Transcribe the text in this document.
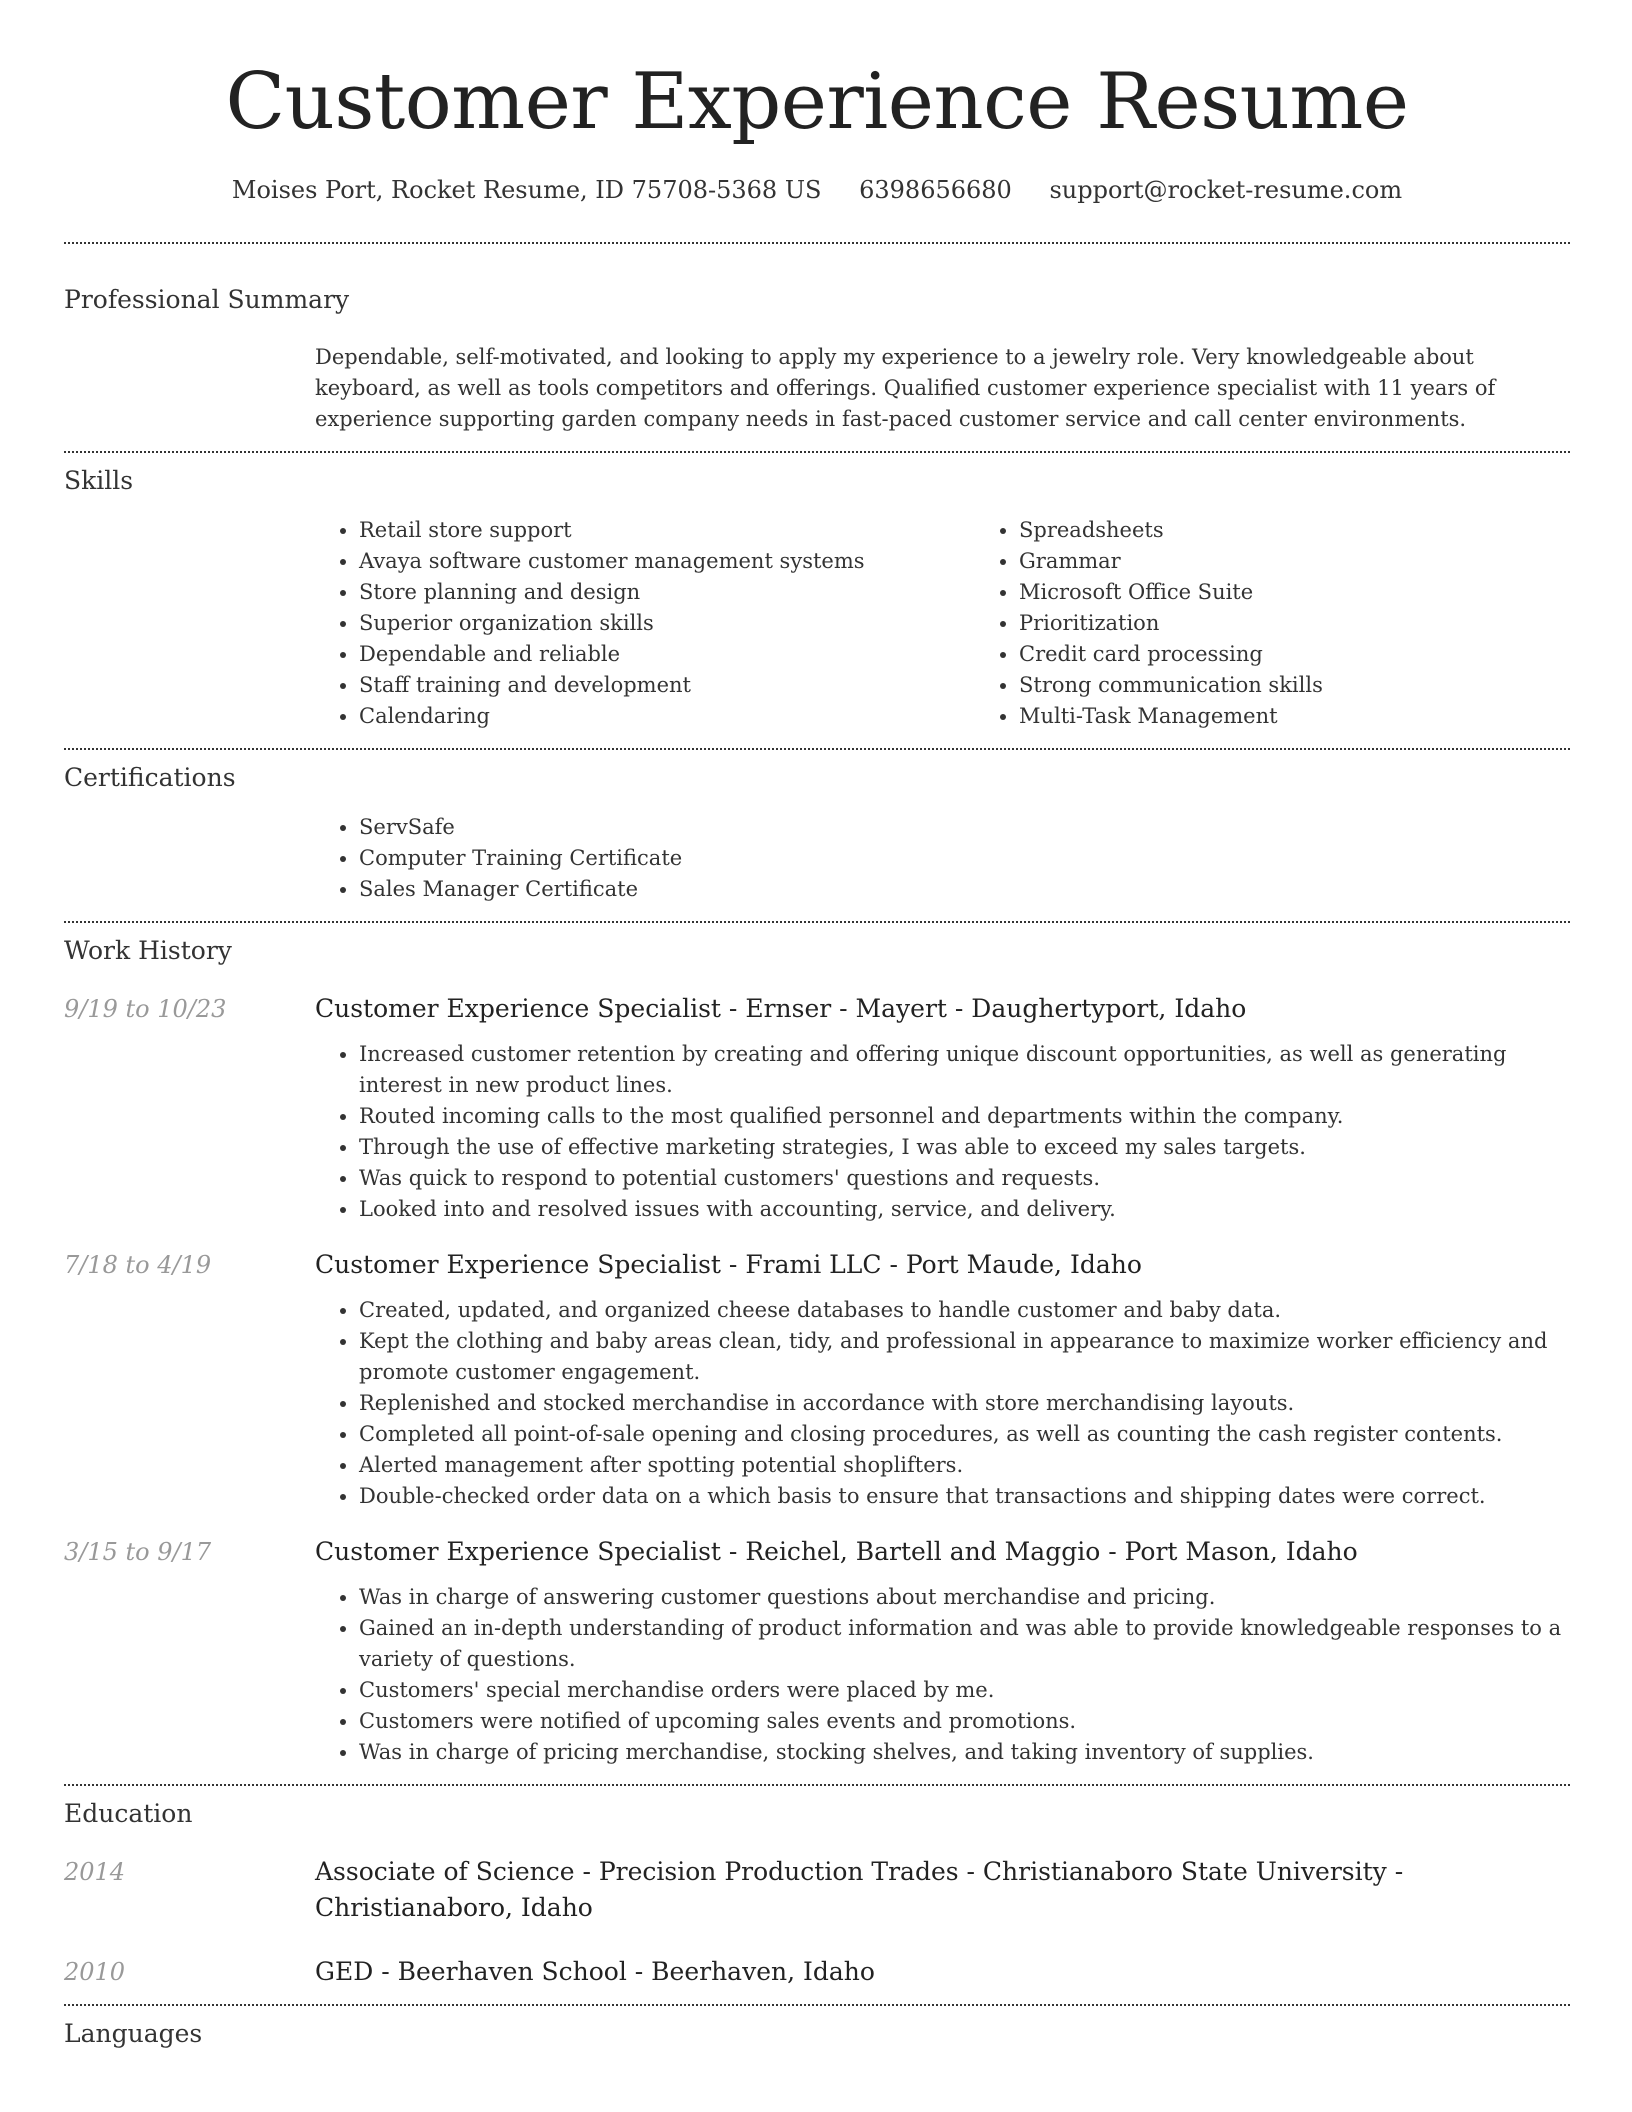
Customer Experience Resume
Moises Port, Rocket Resume, ID 75708-5368 US 6398656680 support@rocket-resume.com
Professional Summary

Dependable, self-motivated, and looking to apply my experience to a jewelry role. Very knowledgeable about keyboard, as well as tools competitors and offerings. Qualified customer experience specialist with 11 years of experience supporting garden company needs in fast-paced customer service and call center environments.

Skills
• Retail store support
• Avaya software customer management systems
• Store planning and design
• Superior organization skills
• Dependable and reliable
• Staff training and development
• Calendaring
• Spreadsheets
• Grammar
• Microsoft Office Suite
• Prioritization
• Credit card processing
• Strong communication skills
• Multi-Task Management
Certifications
• ServSafe
• Computer Training Certificate
• Sales Manager Certificate
Work History
9/19 to 10/23	Customer Experience Specialist - Ernser - Mayert - Daughertyport, Idaho
• Increased customer retention by creating and offering unique discount opportunities, as well as generating interest in new product lines.
• Routed incoming calls to the most qualified personnel and departments within the company.
• Through the use of effective marketing strategies, I was able to exceed my sales targets.
• Was quick to respond to potential customers' questions and requests.
• Looked into and resolved issues with accounting, service, and delivery.
7/18 to 4/19	Customer Experience Specialist - Frami LLC - Port Maude, Idaho
• Created, updated, and organized cheese databases to handle customer and baby data.
• Kept the clothing and baby areas clean, tidy, and professional in appearance to maximize worker efficiency and promote customer engagement.
• Replenished and stocked merchandise in accordance with store merchandising layouts.
• Completed all point-of-sale opening and closing procedures, as well as counting the cash register contents.
• Alerted management after spotting potential shoplifters.
• Double-checked order data on a which basis to ensure that transactions and shipping dates were correct.
3/15 to 9/17	Customer Experience Specialist - Reichel, Bartell and Maggio - Port Mason, Idaho
• Was in charge of answering customer questions about merchandise and pricing.
• Gained an in-depth understanding of product information and was able to provide knowledgeable responses to a variety of questions.
• Customers' special merchandise orders were placed by me.
• Customers were notified of upcoming sales events and promotions.
• Was in charge of pricing merchandise, stocking shelves, and taking inventory of supplies.
Education
2014	Associate of Science - Precision Production Trades - Christianaboro State University - Christianaboro, Idaho
2010	GED - Beerhaven School - Beerhaven, Idaho
Languages
